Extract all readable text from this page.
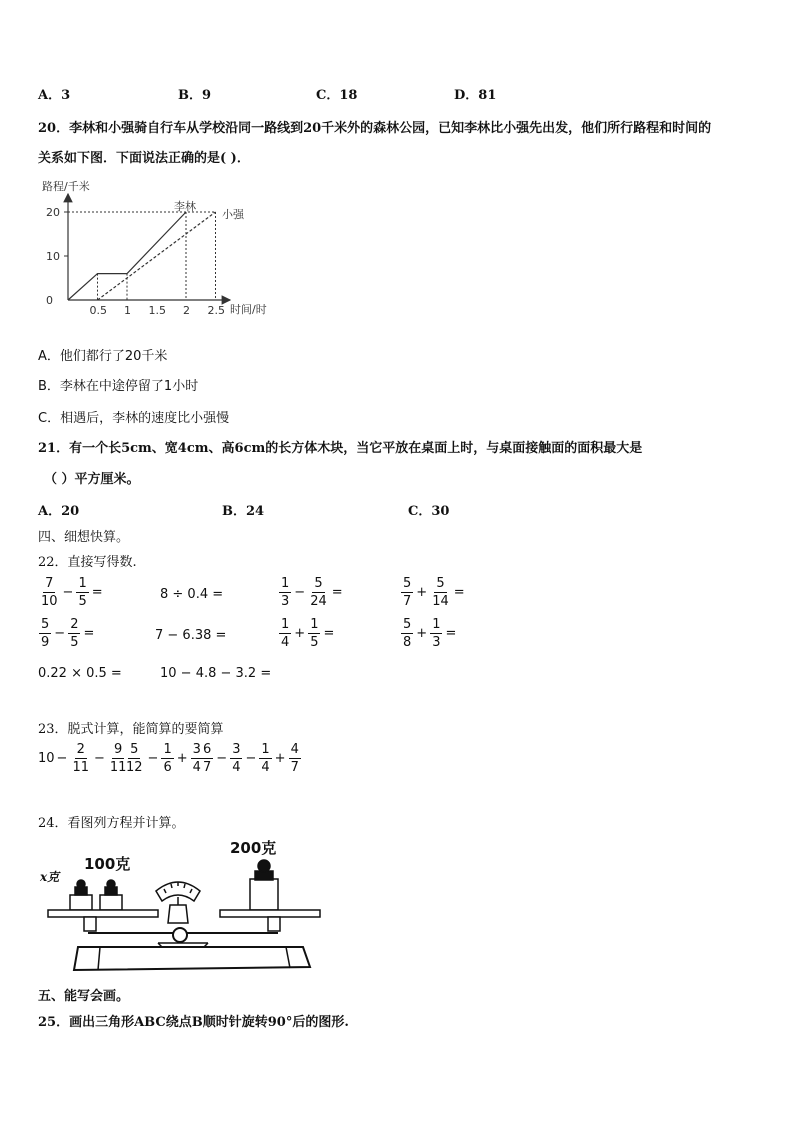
A．3	B．9	C．18	D．81
20．李林和小强骑自行车从学校沿同一路线到20千米外的森林公园，已知李林比小强先出发，他们所行路程和时间的
关系如下图．下面说法正确的是( )．
路程/千米
时间/时
0
10
20
0.5 1 1.5 2 2.5
李林
小强
A．他们都行了20千米
B．李林在中途停留了1小时
C．相遇后，李林的速度比小强慢
21．有一个长5cm、宽4cm、高6cm的长方体木块，当它平放在桌面上时，与桌面接触面的面积最大是
（ ）平方厘米。
A．20	B．24	C．30
四、细想快算。
22．直接写得数.
$\frac{7}{10} - \frac{1}{5}$ =	8 ÷ 0.4 =	$\frac{1}{3} - \frac{5}{24}$ =	$\frac{5}{7} + \frac{5}{14}$ =
$\frac{5}{9} - \frac{2}{5}$ =	7 − 6.38 =	$\frac{1}{4} + \frac{1}{5}$ =	$\frac{5}{8} + \frac{1}{3}$ =
0.22 × 0.5 =	10 − 4.8 − 3.2 =
23．脱式计算，能简算的要简算
$10 - \frac{2}{11} - \frac{9}{11}$
$\frac{5}{12} - \frac{1}{6} + \frac{3}{4}$
$\frac{6}{7} - \frac{3}{4} - \frac{1}{4} + \frac{4}{7}$
24．看图列方程并计算。
x克
100克
200克
五、能写会画。
25．画出三角形ABC绕点B顺时针旋转90°后的图形.
